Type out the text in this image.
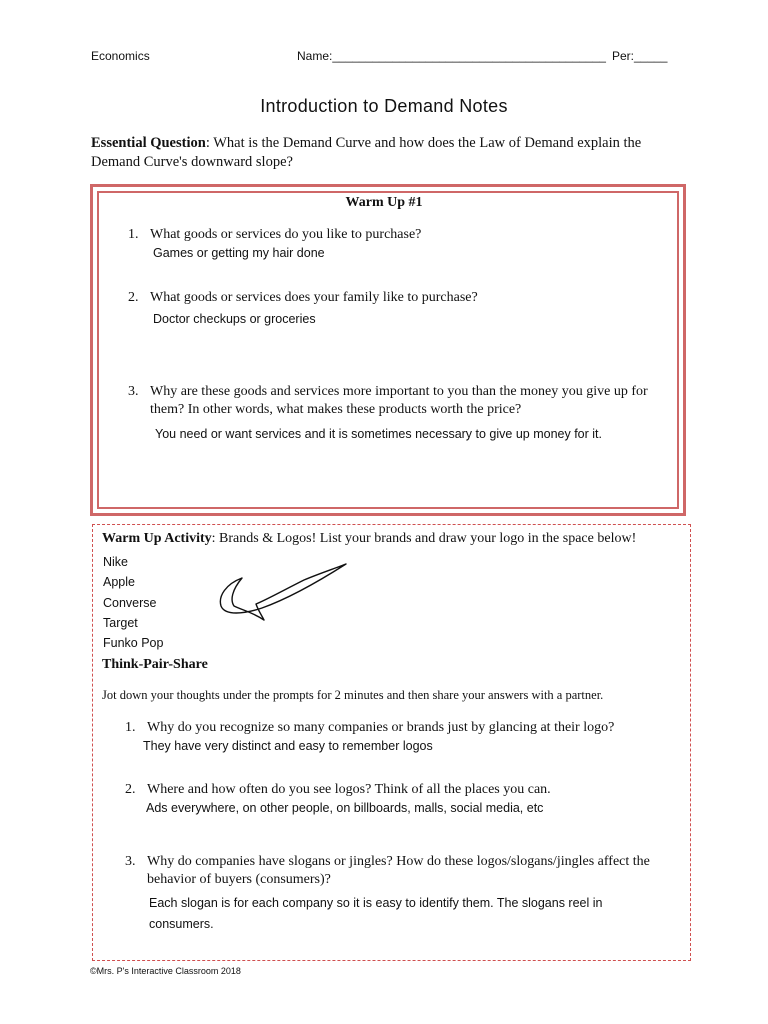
Economics	Name:_________________________________________ Per:_____
Introduction to Demand Notes
Essential Question: What is the Demand Curve and how does the Law of Demand explain the Demand Curve's downward slope?
Warm Up #1
1. What goods or services do you like to purchase?
Games or getting my hair done
2. What goods or services does your family like to purchase?
Doctor checkups or groceries
3. Why are these goods and services more important to you than the money you give up for them? In other words, what makes these products worth the price?
You need or want services and it is sometimes necessary to give up money for it.
Warm Up Activity: Brands & Logos! List your brands and draw your logo in the space below!
Nike
Apple
Converse
Target
Funko Pop
Think-Pair-Share
Jot down your thoughts under the prompts for 2 minutes and then share your answers with a partner.
1. Why do you recognize so many companies or brands just by glancing at their logo?
They have very distinct and easy to remember logos
2. Where and how often do you see logos? Think of all the places you can.
Ads everywhere, on other people, on billboards, malls, social media, etc
3. Why do companies have slogans or jingles? How do these logos/slogans/jingles affect the behavior of buyers (consumers)?
Each slogan is for each company so it is easy to identify them. The slogans reel in consumers.
©Mrs. P's Interactive Classroom 2018
